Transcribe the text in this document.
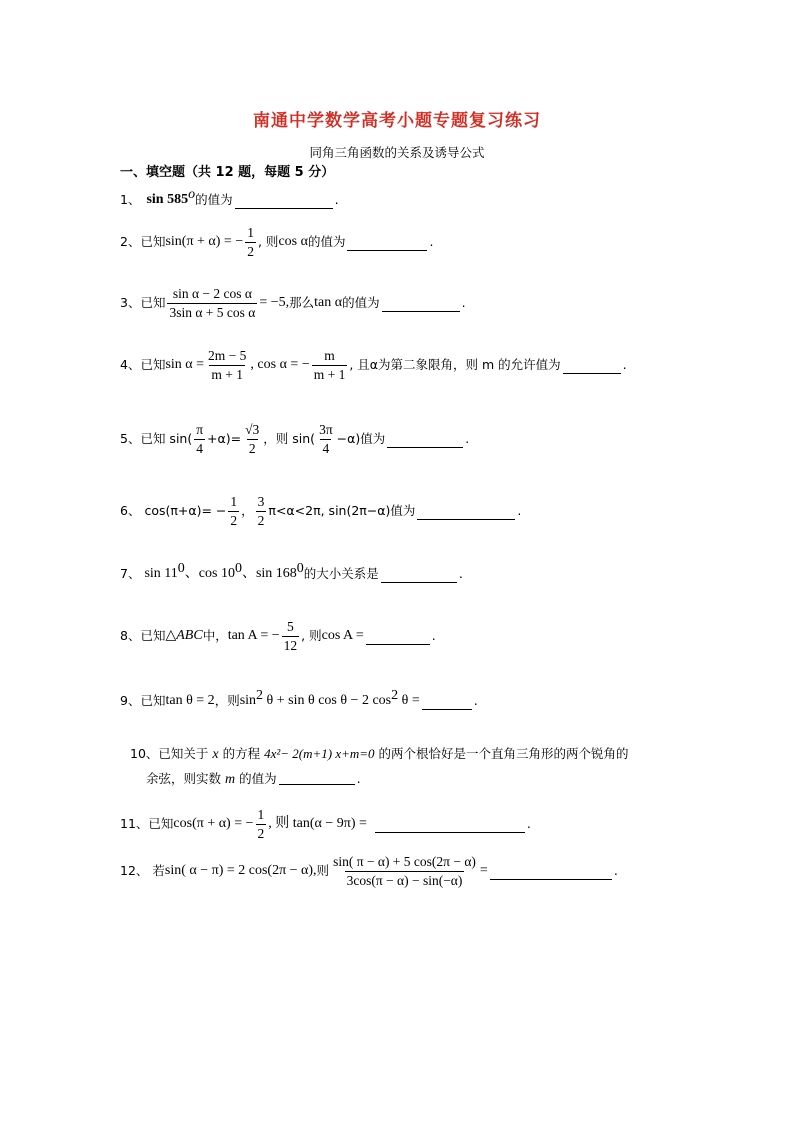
南通中学数学高考小题专题复习练习
同角三角函数的关系及诱导公式
一、填空题（共 12 题，每题 5 分）
1、 sin 585$^o$ 的值为	.
2、 已知 sin(π + α) = − $\frac{1}{2}$ , 则 cos α 的值为	.
3、 已知 $\frac{\text{sin α − 2 cos α}}{\text{3sin α + 5 cos α}} = -5$, 那么 tan α 的值为	.
4、 已知 $\sin \alpha = \frac{2m - 5}{m + 1}$ , cos α = − $\frac{m}{m + 1}$ , 且α为第二象限角，则 m 的允许值为	.
5、 已知 $\sin( \frac{\pi}{4} +\alpha)= \frac{√3}{2}$ ，则 $\sin( \frac{3\pi}{4} -\alpha)$值为	.
6、 $\cos(\pi+\alpha)= - \frac{1}{2}$ ， $\frac{3}{2} \pi<\alpha<2\pi$, sin(2π−α)值为	.
7、 $\sin 11^0$ 、$\cos 10^0$ 、$\sin 168^0$ 的大小关系是	.
8、 已知 △ABC 中， tan A = − $\frac{5}{12}$ , 则 cos A =	.
9、 已知 tan θ = 2 ，则 $\sin^2 \theta + \sin \theta$ cos θ − 2 $\cos^2 \theta$ =	.
10、已知关于 x 的方程 4x²− 2(m+1) x+m=0 的两个根恰好是一个直角三角形的两个锐角的
余弦，则实数 m 的值为	.
11、 已知 cos(π + α) = − $\frac{1}{2}$ , 则 tan(α − 9π) =	.
12、 若 sin( α − π) = 2 cos(2π − α), 则 $\frac{\sin( \pi - \alpha) + 5 \cos(2\pi - \alpha)}{3\cos(\pi - \alpha) - \sin(-\alpha)}$ =	.
